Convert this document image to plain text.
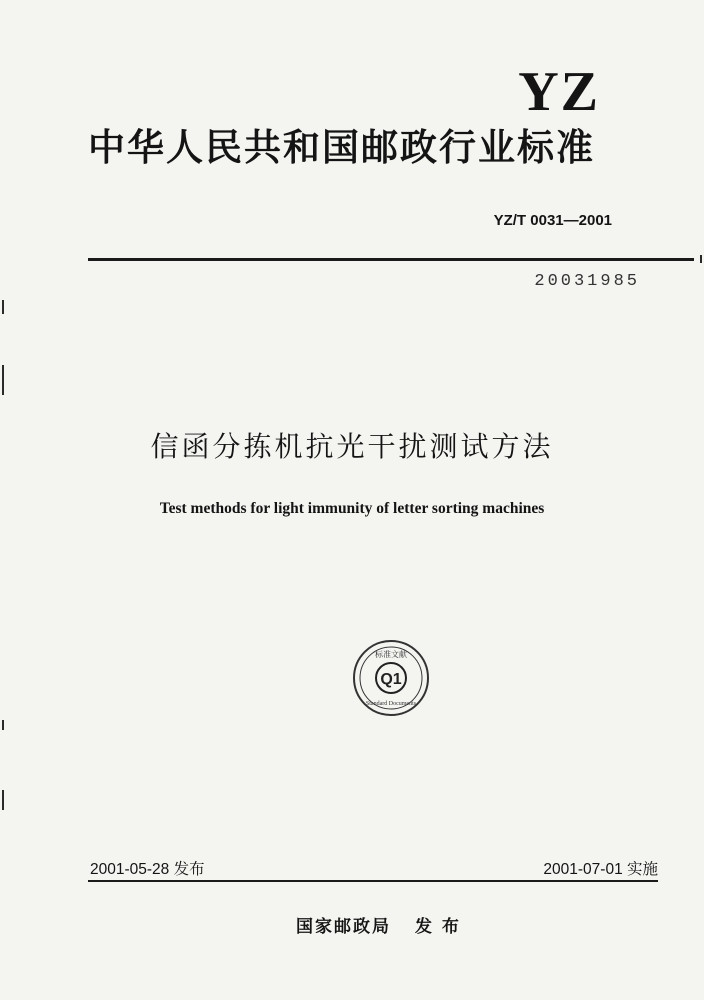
YZ
中华人民共和国邮政行业标准
YZ/T 0031—2001
20031985
信函分拣机抗光干扰测试方法
Test methods for light immunity of letter sorting machines
Q1
标准文献
Standard Documents
2001-05-28 发布	2001-07-01 实施
国家邮政局 发 布
